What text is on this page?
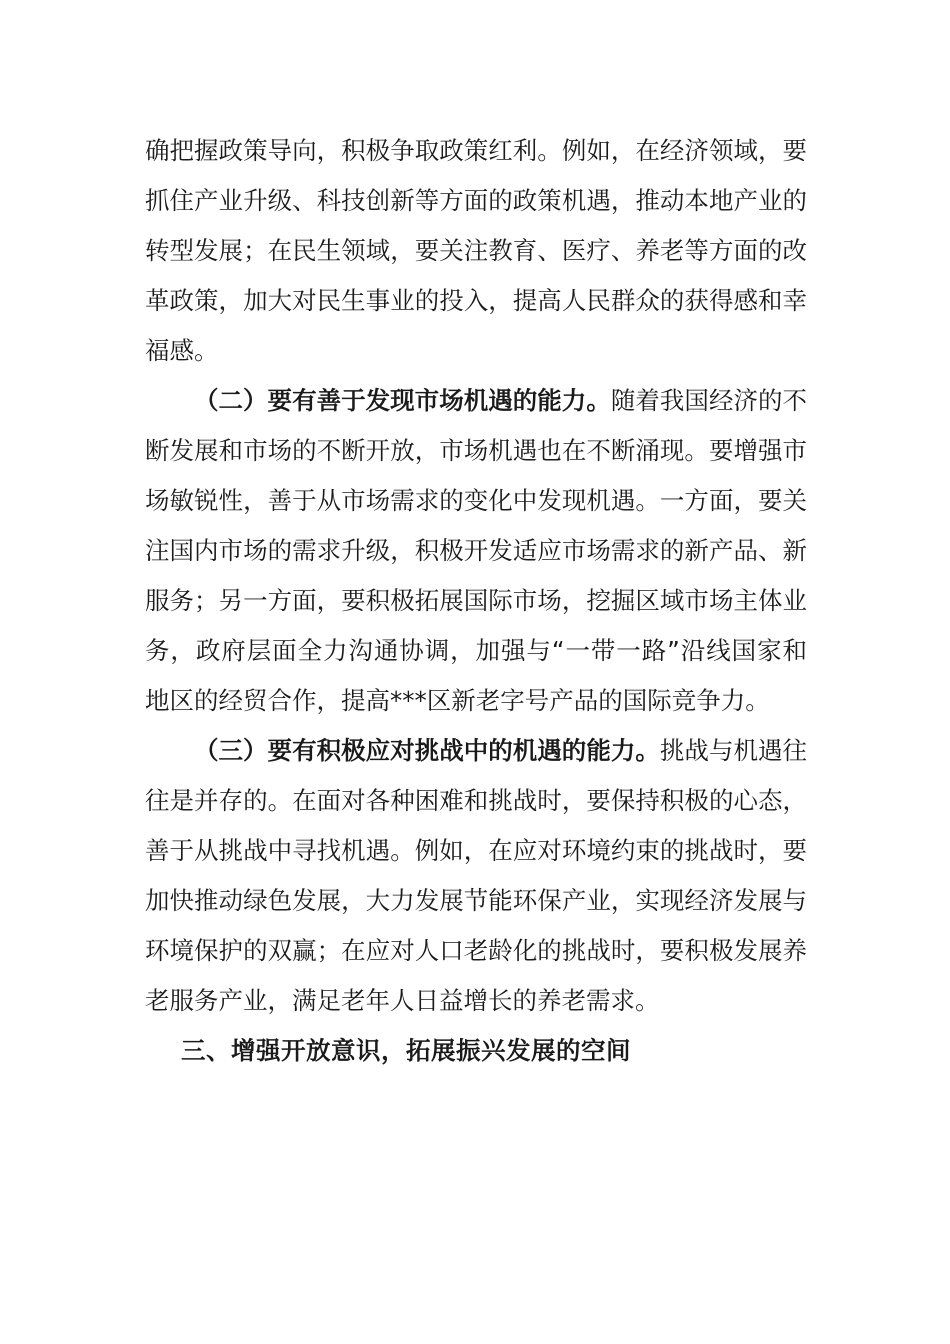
确把握政策导向，积极争取政策红利。例如，在经济领域，要抓住产业升级、科技创新等方面的政策机遇，推动本地产业的转型发展；在民生领域，要关注教育、医疗、养老等方面的改革政策，加大对民生事业的投入，提高人民群众的获得感和幸福感。

（二）要有善于发现市场机遇的能力。随着我国经济的不断发展和市场的不断开放，市场机遇也在不断涌现。要增强市场敏锐性，善于从市场需求的变化中发现机遇。一方面，要关注国内市场的需求升级，积极开发适应市场需求的新产品、新服务；另一方面，要积极拓展国际市场，挖掘区域市场主体业务，政府层面全力沟通协调，加强与“一带一路”沿线国家和地区的经贸合作，提高***区新老字号产品的国际竞争力。

（三）要有积极应对挑战中的机遇的能力。挑战与机遇往往是并存的。在面对各种困难和挑战时，要保持积极的心态，善于从挑战中寻找机遇。例如，在应对环境约束的挑战时，要加快推动绿色发展，大力发展节能环保产业，实现经济发展与环境保护的双赢；在应对人口老龄化的挑战时，要积极发展养老服务产业，满足老年人日益增长的养老需求。

三、增强开放意识，拓展振兴发展的空间
